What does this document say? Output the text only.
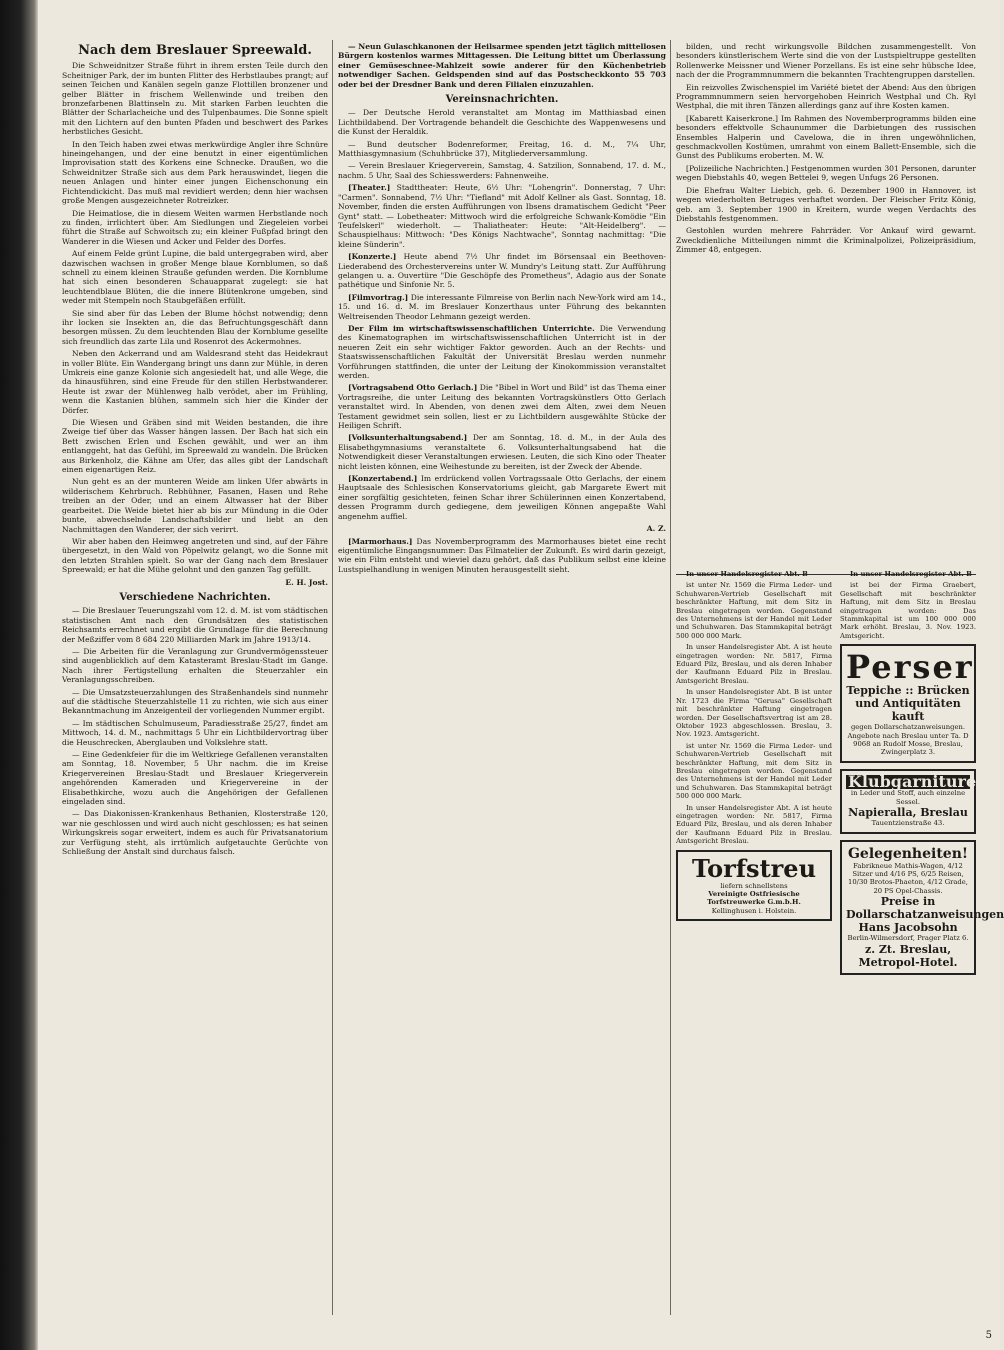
Nach dem Breslauer Spreewald.

Die Schweidnitzer Straße führt in ihrem ersten Teile durch den Scheitniger Park, der im bunten Flitter des Herbstlaubes prangt; auf seinen Teichen und Kanälen segeln ganze Flottillen bronzener und gelber Blätter in frischem Wellenwinde und treiben den bronzefarbenen Blattinseln zu. Mit starken Farben leuchten die Blätter der Scharlacheiche und des Tulpenbaumes. Die Sonne spielt mit den Lichtern auf den bunten Pfaden und beschwert des Parkes herbstliches Gesicht.

In den Teich haben zwei etwas merkwürdige Angler ihre Schnüre hineingehangen, und der eine benutzt in einer eigentümlichen Improvisation statt des Korkens eine Schnecke. Draußen, wo die Schweidnitzer Straße sich aus dem Park herauswindet, liegen die neuen Anlagen und hinter einer jungen Eichenschonung ein Fichtendickicht. Das muß mal revidiert werden; denn hier wachsen große Mengen ausgezeichneter Rotreizker.

Die Heimatlose, die in diesem Weiten warmen Herbstlande noch zu finden, irrlichtert über. Am Siedlungen und Ziegeleien vorbei führt die Straße auf Schwoitsch zu; ein kleiner Fußpfad bringt den Wanderer in die Wiesen und Acker und Felder des Dorfes.

Auf einem Felde grünt Lupine, die bald untergegraben wird, aber dazwischen wachsen in großer Menge blaue Kornblumen, so daß schnell zu einem kleinen Strauße gefunden werden. Die Kornblume hat sich einen besonderen Schauapparat zugelegt: sie hat leuchtendblaue Blüten, die die innere Blütenkrone umgeben, sind weder mit Stempeln noch Staubgefäßen erfüllt.

Sie sind aber für das Leben der Blume höchst notwendig; denn ihr locken sie Insekten an, die das Befruchtungsgeschäft dann besorgen müssen. Zu dem leuchtenden Blau der Kornblume gesellte sich freundlich das zarte Lila und Rosenrot des Ackermohnes.

Neben den Ackerrand und am Waldesrand steht das Heidekraut in voller Blüte. Ein Wandergang bringt uns dann zur Mühle, in deren Umkreis eine ganze Kolonie sich angesiedelt hat, und alle Wege, die da hinausführen, sind eine Freude für den stillen Herbstwanderer. Heute ist zwar der Mühlenweg halb verödet, aber im Frühling, wenn die Kastanien blühen, sammeln sich hier die Kinder der Dörfer.

Die Wiesen und Gräben sind mit Weiden bestanden, die ihre Zweige tief über das Wasser hängen lassen. Der Bach hat sich ein Bett zwischen Erlen und Eschen gewählt, und wer an ihm entlanggeht, hat das Gefühl, im Spreewald zu wandeln. Die Brücken aus Birkenholz, die Kähne am Ufer, das alles gibt der Landschaft einen eigenartigen Reiz.

Nun geht es an der munteren Weide am linken Ufer abwärts in wilderischem Kehrbruch. Rebhühner, Fasanen, Hasen und Rehe treiben an der Oder, und an einem Altwasser hat der Biber gearbeitet. Die Weide bietet hier ab bis zur Mündung in die Oder bunte, abwechselnde Landschaftsbilder und liebt an den Nachmittagen den Wanderer, der sich verirrt.

Wir aber haben den Heimweg angetreten und sind, auf der Fähre übergesetzt, in den Wald von Pöpelwitz gelangt, wo die Sonne mit den letzten Strahlen spielt. So war der Gang nach dem Breslauer Spreewald; er hat die Mühe gelohnt und den ganzen Tag gefüllt.

E. H. Jost.

Verschiedene Nachrichten.

— Die Breslauer Teuerungszahl vom 12. d. M. ist vom städtischen statistischen Amt nach den Grundsätzen des statistischen Reichsamts errechnet und ergibt die Grundlage für die Berechnung der Meßziffer vom 8 684 220 Milliarden Mark im Jahre 1913/14.

— Die Arbeiten für die Veranlagung zur Grundvermögenssteuer sind augenblicklich auf dem Katasteramt Breslau-Stadt im Gange. Nach ihrer Fertigstellung erhalten die Steuerzahler ein Veranlagungsschreiben.

— Die Umsatzsteuerzahlungen des Straßenhandels sind nunmehr auf die städtische Steuerzahlstelle 11 zu richten, wie sich aus einer Bekanntmachung im Anzeigenteil der vorliegenden Nummer ergibt.

— Im städtischen Schulmuseum, Paradiesstraße 25/27, findet am Mittwoch, 14. d. M., nachmittags 5 Uhr ein Lichtbildervortrag über die Heuschrecken, Aberglauben und Volkslehre statt.

— Eine Gedenkfeier für die im Weltkriege Gefallenen veranstalten am Sonntag, 18. November, 5 Uhr nachm. die im Kreise Kriegervereinen Breslau-Stadt und Breslauer Kriegerverein angehörenden Kameraden und Kriegervereine in der Elisabethkirche, wozu auch die Angehörigen der Gefallenen eingeladen sind.

— Das Diakonissen-Krankenhaus Bethanien, Klosterstraße 120, war nie geschlossen und wird auch nicht geschlossen; es hat seinen Wirkungskreis sogar erweitert, indem es auch für Privatsanatorium zur Verfügung steht, als irrtümlich aufgetauchte Gerüchte von Schließung der Anstalt sind durchaus falsch.

— Neun Gulaschkanonen der Heilsarmee spenden jetzt täglich mittellosen Bürgern kostenlos warmes Mittagessen. Die Leitung bittet um Überlassung einer Gemüseschnee-Mahlzeit sowie anderer für den Küchenbetrieb notwendiger Sachen. Geldspenden sind auf das Postscheckkonto 55 703 oder bei der Dresdner Bank und deren Filialen einzuzahlen.

Vereinsnachrichten.

— Der Deutsche Herold veranstaltet am Montag im Matthiasbad einen Lichtbildabend. Der Vortragende behandelt die Geschichte des Wappenwesens und die Kunst der Heraldik.

— Bund deutscher Bodenreformer, Freitag, 16. d. M., 7¼ Uhr, Matthiasgymnasium (Schuhbrücke 37), Mitgliederversammlung.

— Verein Breslauer Kriegerverein, Samstag, 4. Satzilion, Sonnabend, 17. d. M., nachm. 5 Uhr, Saal des Schiesswerders: Fahnenweihe.

[Theater.] Stadttheater: Heute, 6½ Uhr: "Lohengrin". Donnerstag, 7 Uhr: "Carmen". Sonnabend, 7½ Uhr: "Tiefland" mit Adolf Kellner als Gast. Sonntag, 18. November, finden die ersten Aufführungen von Ibsens dramatischem Gedicht "Peer Gynt" statt. — Lobetheater: Mittwoch wird die erfolgreiche Schwank-Komödie "Ein Teufelskerl" wiederholt. — Thaliatheater: Heute: "Alt-Heidelberg". — Schauspielhaus: Mittwoch: "Des Königs Nachtwache", Sonntag nachmittag: "Die kleine Sünderin".

[Konzerte.] Heute abend 7½ Uhr findet im Börsensaal ein Beethoven-Liederabend des Orchestervereins unter W. Mundry's Leitung statt. Zur Aufführung gelangen u. a. Ouvertüre "Die Geschöpfe des Prometheus", Adagio aus der Sonate pathétique und Sinfonie Nr. 5.

[Filmvortrag.] Die interessante Filmreise von Berlin nach New-York wird am 14., 15. und 16. d. M. im Breslauer Konzerthaus unter Führung des bekannten Weltreisenden Theodor Lehmann gezeigt werden.

Der Film im wirtschaftswissenschaftlichen Unterrichte. Die Verwendung des Kinematographen im wirtschaftswissenschaftlichen Unterricht ist in der neueren Zeit ein sehr wichtiger Faktor geworden. Auch an der Rechts- und Staatswissenschaftlichen Fakultät der Universität Breslau werden nunmehr Vorführungen stattfinden, die unter der Leitung der Kinokommission veranstaltet werden.

[Vortragsabend Otto Gerlach.] Die "Bibel in Wort und Bild" ist das Thema einer Vortragsreihe, die unter Leitung des bekannten Vortragskünstlers Otto Gerlach veranstaltet wird. In Abenden, von denen zwei dem Alten, zwei dem Neuen Testament gewidmet sein sollen, liest er zu Lichtbildern ausgewählte Stücke der Heiligen Schrift.

[Volksunterhaltungsabend.] Der am Sonntag, 18. d. M., in der Aula des Elisabethgymnasiums veranstaltete 6. Volksunterhaltungsabend hat die Notwendigkeit dieser Veranstaltungen erwiesen. Leuten, die sich Kino oder Theater nicht leisten können, eine Weihestunde zu bereiten, ist der Zweck der Abende.

[Konzertabend.] Im erdrückend vollen Vortragssaale Otto Gerlachs, der einem Hauptsaale des Schlesischen Konservatoriums gleicht, gab Margarete Ewert mit einer sorgfältig gesichteten, feinen Schar ihrer Schülerinnen einen Konzertabend, dessen Programm durch gediegene, dem jeweiligen Können angepaßte Wahl angenehm auffiel.

A. Z.

[Marmorhaus.] Das Novemberprogramm des Marmorhauses bietet eine recht eigentümliche Eingangsnummer: Das Filmatelier der Zukunft. Es wird darin gezeigt, wie ein Film entsteht und wieviel dazu gehört, daß das Publikum selbst eine kleine Lustspielhandlung in wenigen Minuten herausgestellt sieht.

bilden, und recht wirkungsvolle Bildchen zusammengestellt. Von besonders künstlerischem Werte sind die von der Lustspieltruppe gestellten Rollenwerke Meissner und Wiener Porzellans. Es ist eine sehr hübsche Idee, nach der die Programmnummern die bekannten Trachtengruppen darstellen.

Ein reizvolles Zwischenspiel im Variété bietet der Abend: Aus den übrigen Programmnummern seien hervorgehoben Heinrich Westphal und Ch. Ryl Westphal, die mit ihren Tänzen allerdings ganz auf ihre Kosten kamen.

[Kabarett Kaiserkrone.] Im Rahmen des Novemberprogramms bilden eine besonders effektvolle Schaunummer die Darbietungen des russischen Ensembles Halperin und Cavelowa, die in ihren ungewöhnlichen, geschmackvollen Kostümen, umrahmt von einem Ballett-Ensemble, sich die Gunst des Publikums eroberten. M. W.

[Polizeiliche Nachrichten.] Festgenommen wurden 301 Personen, darunter wegen Diebstahls 40, wegen Bettelei 9, wegen Unfugs 26 Personen.

Die Ehefrau Walter Liebich, geb. 6. Dezember 1900 in Hannover, ist wegen wiederholten Betruges verhaftet worden. Der Fleischer Fritz König, geb. am 3. September 1900 in Kreitern, wurde wegen Verdachts des Diebstahls festgenommen.

Gestohlen wurden mehrere Fahrräder. Vor Ankauf wird gewarnt. Zweckdienliche Mitteilungen nimmt die Kriminalpolizei, Polizeipräsidium, Zimmer 48, entgegen.

In unser Handelsregister Abt. B

ist unter Nr. 1569 die Firma Leder- und Schuhwaren-Vertrieb Gesellschaft mit beschränkter Haftung, mit dem Sitz in Breslau eingetragen worden. Gegenstand des Unternehmens ist der Handel mit Leder und Schuhwaren. Das Stammkapital beträgt 500 000 000 Mark.

In unser Handelsregister Abt. A ist heute eingetragen worden: Nr. 5817, Firma Eduard Pilz, Breslau, und als deren Inhaber der Kaufmann Eduard Pilz in Breslau. Amtsgericht Breslau.

In unser Handelsregister Abt. B ist unter Nr. 1723 die Firma "Gerusa" Gesellschaft mit beschränkter Haftung eingetragen worden. Der Gesellschaftsvertrag ist am 28. Oktober 1923 abgeschlossen. Breslau, 3. Nov. 1923. Amtsgericht.

ist unter Nr. 1569 die Firma Leder- und Schuhwaren-Vertrieb Gesellschaft mit beschränkter Haftung, mit dem Sitz in Breslau eingetragen worden. Gegenstand des Unternehmens ist der Handel mit Leder und Schuhwaren. Das Stammkapital beträgt 500 000 000 Mark.

In unser Handelsregister Abt. A ist heute eingetragen worden: Nr. 5817, Firma Eduard Pilz, Breslau, und als deren Inhaber der Kaufmann Eduard Pilz in Breslau. Amtsgericht Breslau.

Torfstreu
liefern schnellstens
Vereinigte Ostfriesische Torfstreuwerke G.m.b.H.
Kellinghusen i. Holstein.

In unser Handelsregister Abt. B

ist bei der Firma Graebert, Gesellschaft mit beschränkter Haftung, mit dem Sitz in Breslau eingetragen worden: Das Stammkapital ist um 100 000 000 Mark erhöht. Breslau, 3. Nov. 1923. Amtsgericht.

Perser
Teppiche :: Brücken und Antiquitäten
kauft
gegen Dollarschatzanweisungen. Angebote nach Breslau unter Ta. D 9068 an Rudolf Mosse, Breslau, Zwingerplatz 3.
Klubgarnituren
in Leder und Stoff, auch einzelne Sessel.
Napieralla, Breslau
Tauentzienstraße 43.
Gelegenheiten!
Fabrikneue Mathis-Wagen, 4/12 Sitzer und 4/16 PS, 6/25 Reisen, 10/30 Brotos-Phaeton, 4/12 Grade, 20 PS Opel-Chassis.
Preise in Dollarschatzanweisungen
Hans Jacobsohn
Berlin-Wilmersdorf, Prager Platz 6.
z. Zt. Breslau, Metropol-Hotel.
5
